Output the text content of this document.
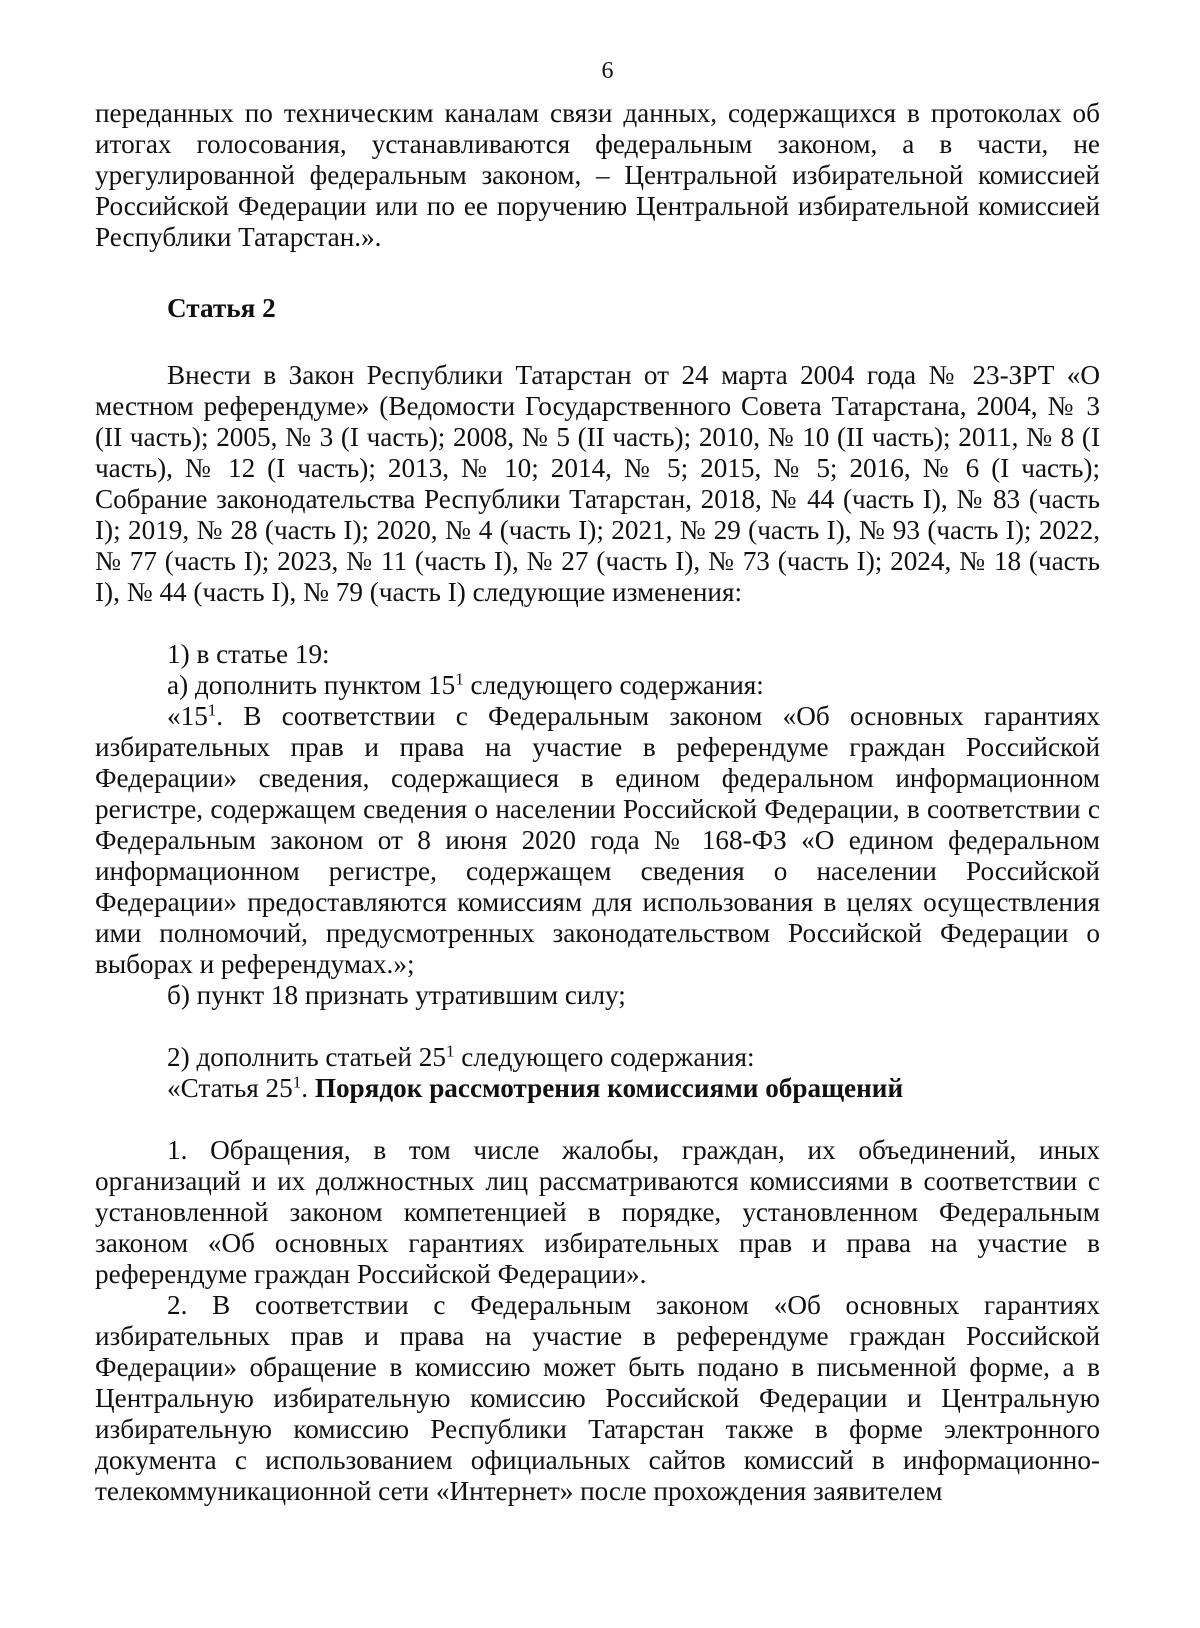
6

переданных по техническим каналам связи данных, содержащихся в протоколах об итогах голосования, устанавливаются федеральным законом, а в части, не урегулированной федеральным законом, – Центральной избирательной комиссией Российской Федерации или по ее поручению Центральной избирательной комиссией Республики Татарстан.».

Статья 2

Внести в Закон Республики Татарстан от 24 марта 2004 года № 23-ЗРТ «О местном референдуме» (Ведомости Государственного Совета Татарстана, 2004, № 3 (II часть); 2005, № 3 (I часть); 2008, № 5 (II часть); 2010, № 10 (II часть); 2011, № 8 (I часть), № 12 (I часть); 2013, № 10; 2014, № 5; 2015, № 5; 2016, № 6 (I часть); Собрание законодательства Республики Татарстан, 2018, № 44 (часть I), № 83 (часть I); 2019, № 28 (часть I); 2020, № 4 (часть I); 2021, № 29 (часть I), № 93 (часть I); 2022, № 77 (часть I); 2023, № 11 (часть I), № 27 (часть I), № 73 (часть I); 2024, № 18 (часть I), № 44 (часть I), № 79 (часть I) следующие изменения:

1) в статье 19:

а) дополнить пунктом $15^1$ следующего содержания:

«$15^1$. В соответствии с Федеральным законом «Об основных гарантиях избирательных прав и права на участие в референдуме граждан Российской Федерации» сведения, содержащиеся в едином федеральном информационном регистре, содержащем сведения о населении Российской Федерации, в соответствии с Федеральным законом от 8 июня 2020 года № 168-ФЗ «О едином федеральном информационном регистре, содержащем сведения о населении Российской Федерации» предоставляются комиссиям для использования в целях осуществления ими полномочий, предусмотренных законодательством Российской Федерации о выборах и референдумах.»;

б) пункт 18 признать утратившим силу;

2) дополнить статьей $25^1$ следующего содержания:

«Статья $25^1$. Порядок рассмотрения комиссиями обращений

1. Обращения, в том числе жалобы, граждан, их объединений, иных организаций и их должностных лиц рассматриваются комиссиями в соответствии с установленной законом компетенцией в порядке, установленном Федеральным законом «Об основных гарантиях избирательных прав и права на участие в референдуме граждан Российской Федерации».

2. В соответствии с Федеральным законом «Об основных гарантиях избирательных прав и права на участие в референдуме граждан Российской Федерации» обращение в комиссию может быть подано в письменной форме, а в Центральную избирательную комиссию Российской Федерации и Центральную избирательную комиссию Республики Татарстан также в форме электронного документа с использованием официальных сайтов комиссий в информационно-телекоммуникационной сети «Интернет» после прохождения заявителем
